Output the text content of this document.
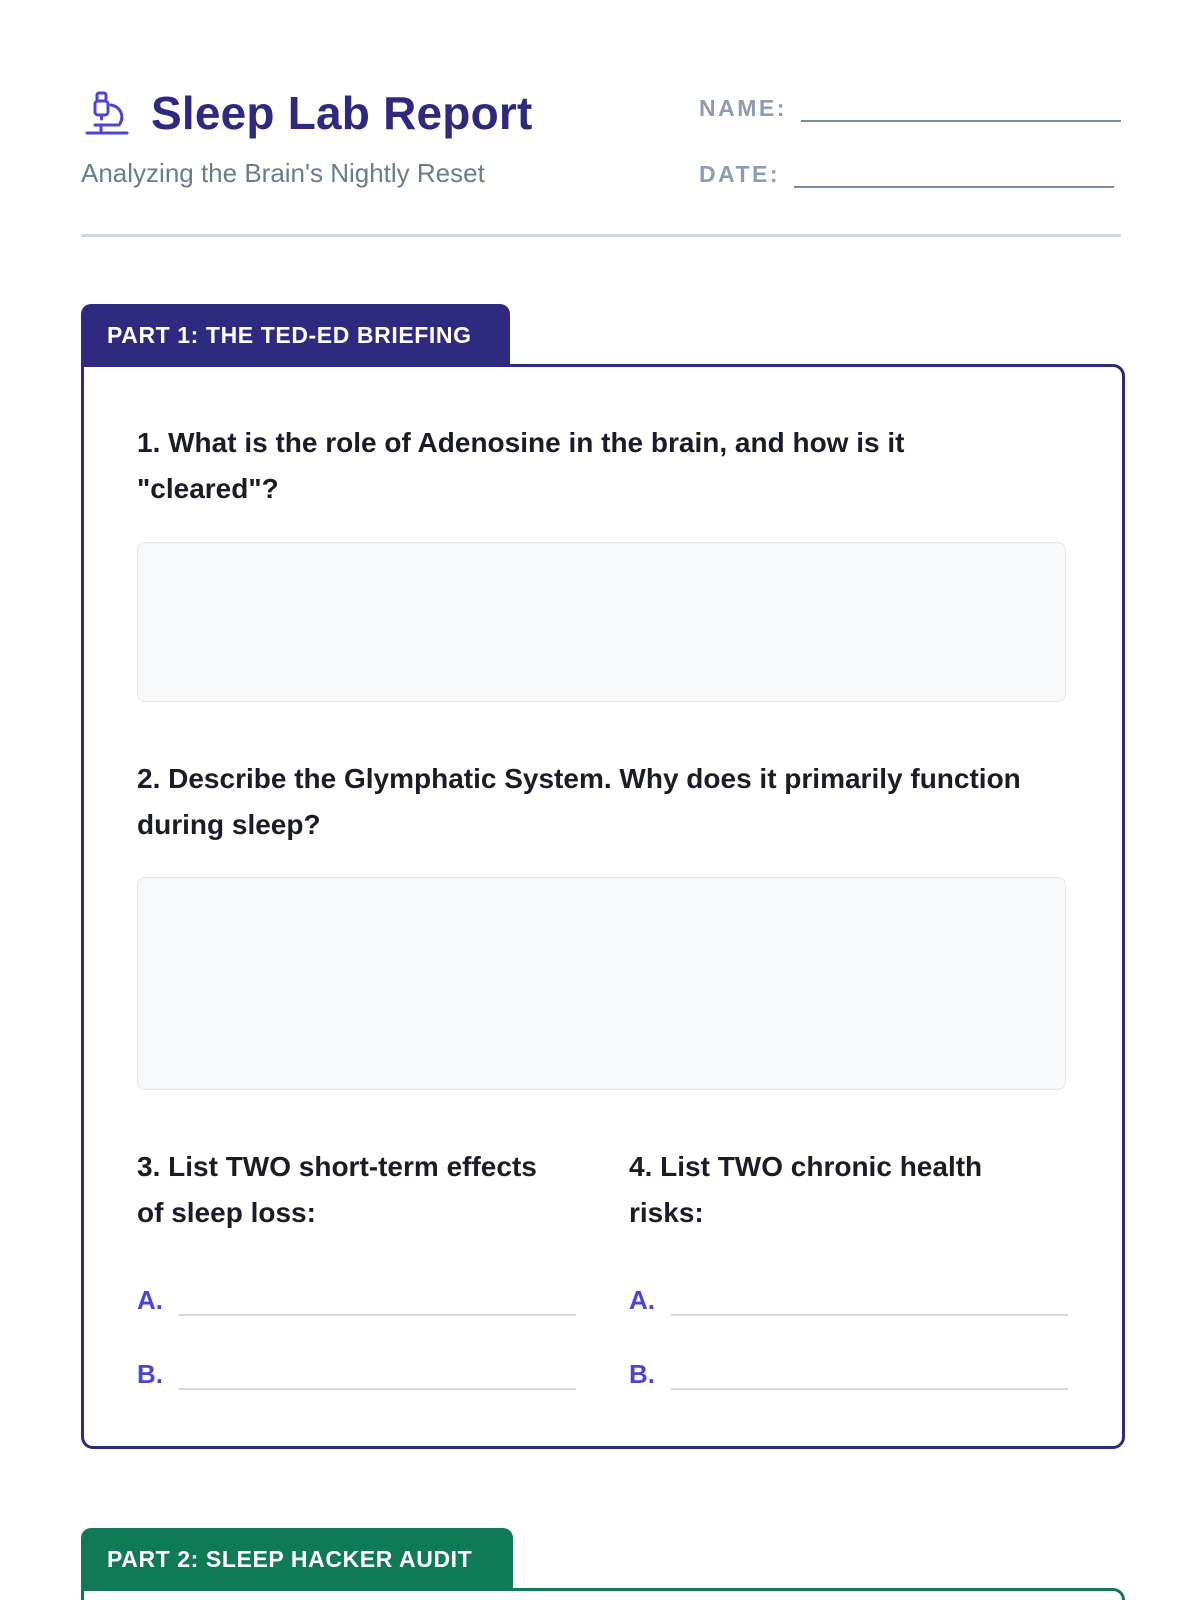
Sleep Lab Report
Analyzing the Brain's Nightly Reset
NAME:
DATE:
PART 1: THE TED-ED BRIEFING
1. What is the role of Adenosine in the brain, and how is it "cleared"?
2. Describe the Glymphatic System. Why does it primarily function during sleep?
3. List TWO short-term effects of sleep loss:
4. List TWO chronic health risks:
A.
B.
A.
B.
PART 2: SLEEP HACKER AUDIT
